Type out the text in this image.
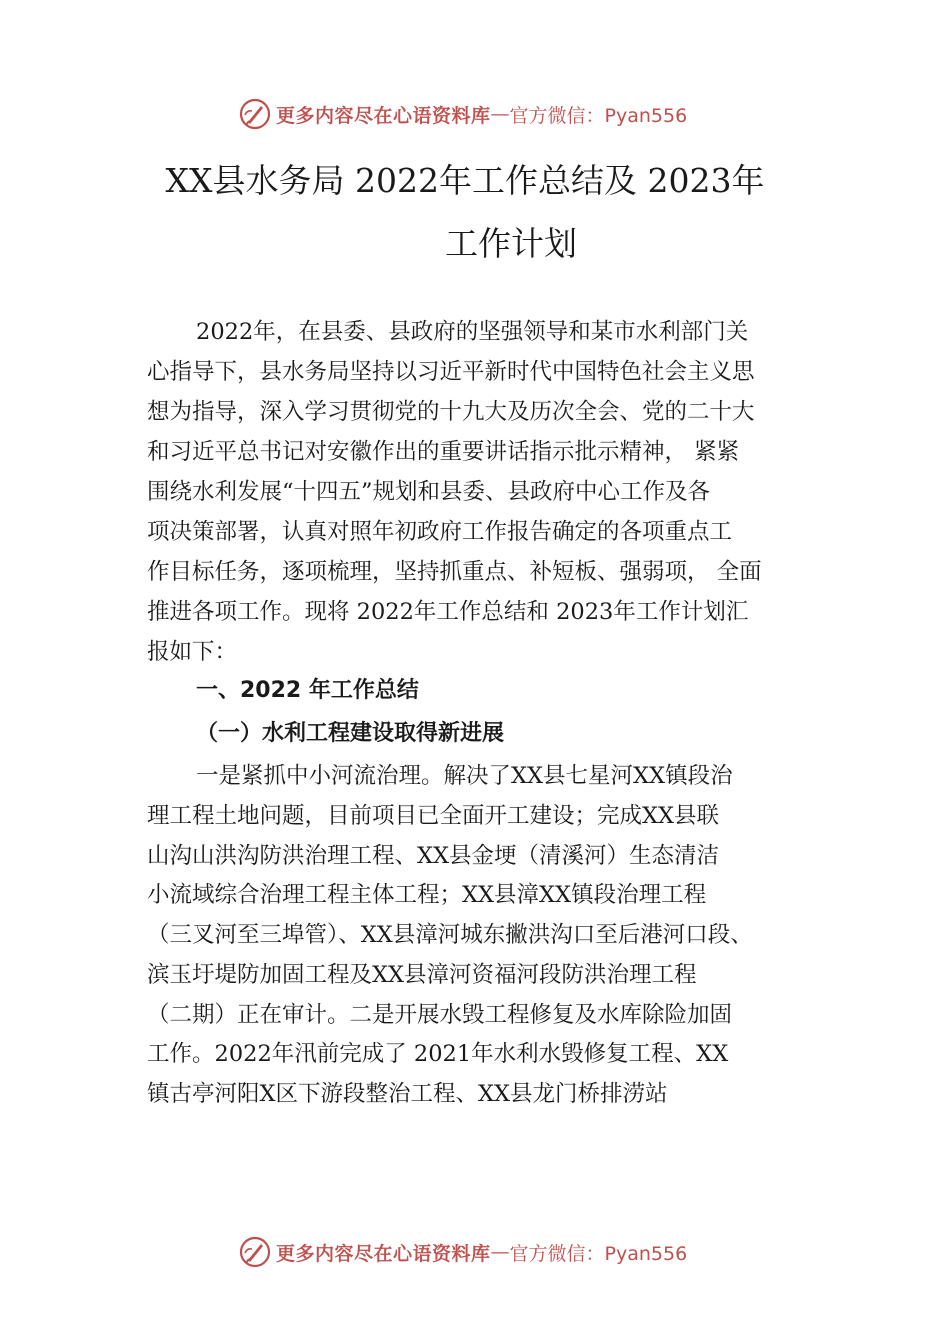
更多内容尽在心语资料库 — 官方微信：Pyan556
XX县水务局 2022年工作总结及 2023年
工作计划
2022年，在县委、县政府的坚强领导和某市水利部门关
心指导下，县水务局坚持以习近平新时代中国特色社会主义思
想为指导，深入学习贯彻党的十九大及历次全会、党的二十大
和习近平总书记对安徽作出的重要讲话指示批示精神， 紧紧
围绕水利发展“十四五”规划和县委、县政府中心工作及各
项决策部署，认真对照年初政府工作报告确定的各项重点工
作目标任务，逐项梳理，坚持抓重点、补短板、强弱项， 全面
推进各项工作。现将 2022年工作总结和 2023年工作计划汇
报如下：
一、2022 年工作总结
（一）水利工程建设取得新进展
一是紧抓中小河流治理。解决了XX县七星河XX镇段治
理工程土地问题，目前项目已全面开工建设；完成XX县联
山沟山洪沟防洪治理工程、XX县金埂（清溪河）生态清洁
小流域综合治理工程主体工程；XX县漳XX镇段治理工程
（三叉河至三埠管）、XX县漳河城东撇洪沟口至后港河口段、
滨玉圩堤防加固工程及XX县漳河资福河段防洪治理工程
（二期）正在审计。二是开展水毁工程修复及水库除险加固
工作。2022年汛前完成了 2021年水利水毁修复工程、XX
镇古亭河阳X区下游段整治工程、XX县龙门桥排涝站
更多内容尽在心语资料库 — 官方微信：Pyan556
